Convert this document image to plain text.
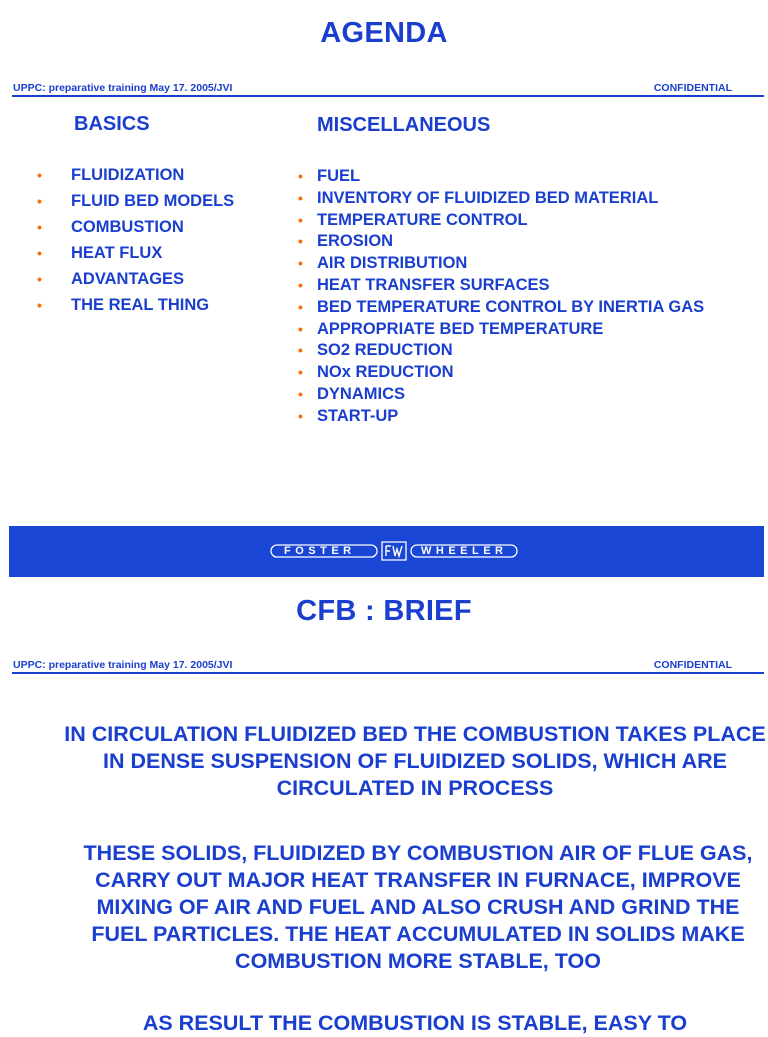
AGENDA
UPPC: preparative training May 17. 2005/JVI	CONFIDENTIAL
BASICS	MISCELLANEOUS
• FLUIDIZATION
• FLUID BED MODELS
• COMBUSTION
• HEAT FLUX
• ADVANTAGES
• THE REAL THING
• FUEL
• INVENTORY OF FLUIDIZED BED MATERIAL
• TEMPERATURE CONTROL
• EROSION
• AIR DISTRIBUTION
• HEAT TRANSFER SURFACES
• BED TEMPERATURE CONTROL BY INERTIA GAS
• APPROPRIATE BED TEMPERATURE
• SO2 REDUCTION
• NOx REDUCTION
• DYNAMICS
• START-UP
FOSTER	WHEELER
CFB : BRIEF
UPPC: preparative training May 17. 2005/JVI	CONFIDENTIAL
IN CIRCULATION FLUIDIZED BED THE COMBUSTION TAKES PLACE IN DENSE SUSPENSION OF FLUIDIZED SOLIDS, WHICH ARE CIRCULATED IN PROCESS
THESE SOLIDS, FLUIDIZED BY COMBUSTION AIR OF FLUE GAS, CARRY OUT MAJOR HEAT TRANSFER IN FURNACE, IMPROVE MIXING OF AIR AND FUEL AND ALSO CRUSH AND GRIND THE FUEL PARTICLES. THE HEAT ACCUMULATED IN SOLIDS MAKE COMBUSTION MORE STABLE, TOO
AS RESULT THE COMBUSTION IS STABLE, EASY TO
